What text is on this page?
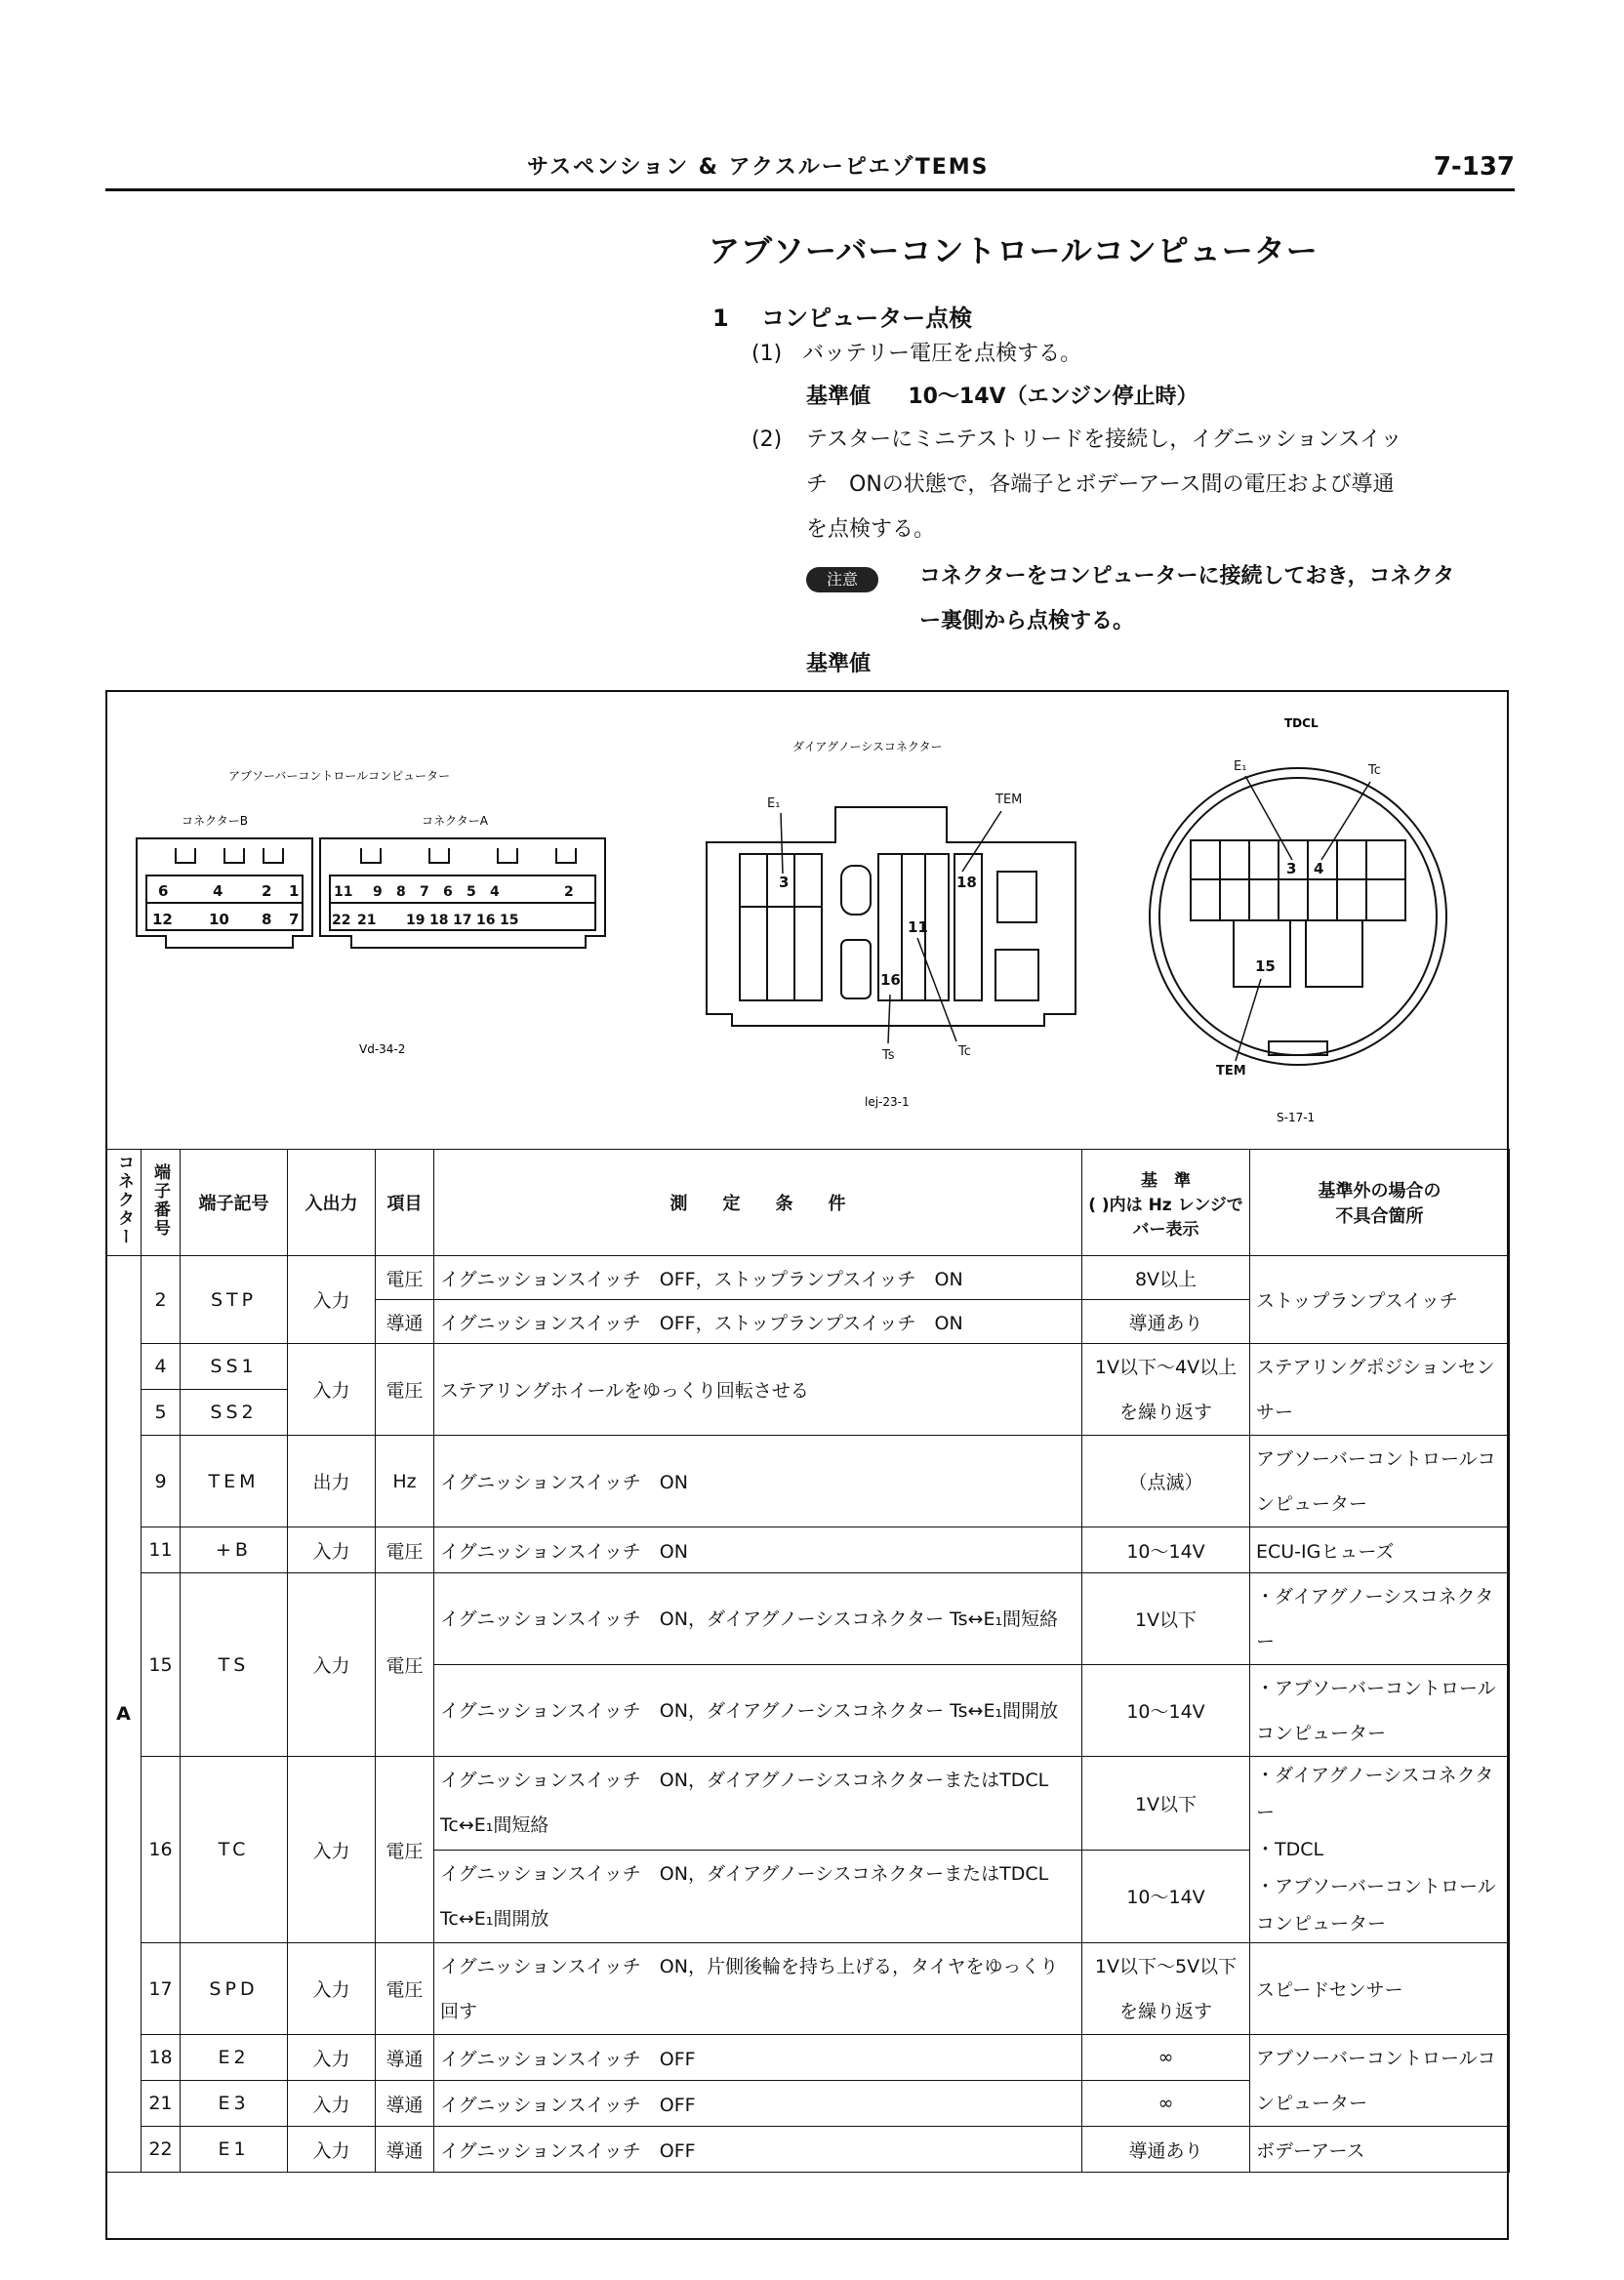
サスペンション & アクスルーピエゾTEMS	7-137
アブソーバーコントロールコンピューター
1 コンピューター点検
(1) バッテリー電圧を点検する。
基準値 10〜14V（エンジン停止時）
(2) テスターにミニテストリードを接続し，イグニッションスイッ
チ　ONの状態で，各端子とボデーアース間の電圧および導通
を点検する。
注意	コネクターをコンピューターに接続しておき，コネクタ
ー裏側から点検する。
基準値
アブソーバーコントロールコンピューター
コネクターB	コネクターA
6	4	2 1
12 10 8 7
11 9 8 7 6 5 4	2
22 21 19 18 17 16 15
Vd-34-2
ダイアグノーシスコネクター
3	18
11
16
E₁	TEM
Ts	Tc
lej-23-1
TDCL
3 4
15
E₁	Tc
TEM
S-17-1
コネクター	端子番号	端子記号	入出力	項目	測　　定　　条　　件	基　準
( )内は Hz レンジでバー表示	基準外の場合の
不具合箇所
A	2	STP	入力	電圧	イグニッションスイッチ　OFF，ストップランプスイッチ　ON	8V以上	ストップランプスイッチ
				導通	イグニッションスイッチ　OFF，ストップランプスイッチ　ON	導通あり	
	4	SS1	入力	電圧	ステアリングホイールをゆっくり回転させる	1V以下〜4V以上を繰り返す	ステアリングポジションセンサー
	5	SS2					
	9	TEM	出力	Hz	イグニッションスイッチ　ON	（点滅）	アブソーバーコントロールコンピューター
	11	+B	入力	電圧	イグニッションスイッチ　ON	10〜14V	ECU-IGヒューズ
	15	TS	入力	電圧	イグニッションスイッチ　ON，ダイアグノーシスコネクター Ts↔E₁間短絡	1V以下	・ダイアグノーシスコネクター
					イグニッションスイッチ　ON，ダイアグノーシスコネクター Ts↔E₁間開放	10〜14V	・アブソーバーコントロールコンピューター
	16	TC	入力	電圧	イグニッションスイッチ　ON，ダイアグノーシスコネクターまたはTDCL　Tc↔E₁間短絡	1V以下	・ダイアグノーシスコネクター
・TDCL
・アブソーバーコントロールコンピューター

					イグニッションスイッチ　ON，ダイアグノーシスコネクターまたはTDCL　Tc↔E₁間開放	10〜14V	
	17	SPD	入力	電圧	イグニッションスイッチ　ON，片側後輪を持ち上げる，タイヤをゆっくり回す	1V以下〜5V以下を繰り返す	スピードセンサー
	18	E2	入力	導通	イグニッションスイッチ　OFF	∞	アブソーバーコントロールコンピューター
	21	E3	入力	導通	イグニッションスイッチ　OFF	∞	
	22	E1	入力	導通	イグニッションスイッチ　OFF	導通あり	ボデーアース
